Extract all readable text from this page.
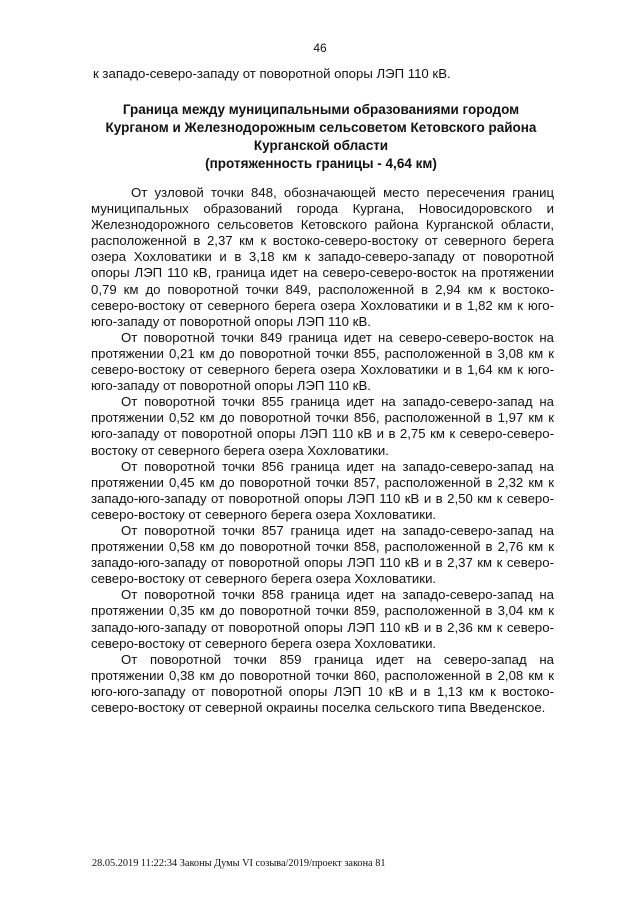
46
к западо-северо-западу от поворотной опоры ЛЭП 110 кВ.
Граница между муниципальными образованиями городом
Курганом и Железнодорожным сельсоветом Кетовского района
Курганской области
(протяженность границы - 4,64 км)

От узловой точки 848, обозначающей место пересечения границ муниципальных образований города Кургана, Новосидоровского и Железнодорожного сельсоветов Кетовского района Курганской области, расположенной в 2,37 км к востоко-северо-востоку от северного берега озера Хохловатики и в 3,18 км к западо-северо-западу от поворотной опоры ЛЭП 110 кВ, граница идет на северо-северо-восток на протяжении 0,79 км до поворотной точки 849, расположенной в 2,94 км к востоко-северо-востоку от северного берега озера Хохловатики и в 1,82 км к юго-юго-западу от поворотной опоры ЛЭП 110 кВ.

От поворотной точки 849 граница идет на северо-северо-восток на протяжении 0,21 км до поворотной точки 855, расположенной в 3,08 км к северо-востоку от северного берега озера Хохловатики и в 1,64 км к юго-юго-западу от поворотной опоры ЛЭП 110 кВ.

От поворотной точки 855 граница идет на западо-северо-запад на протяжении 0,52 км до поворотной точки 856, расположенной в 1,97 км к юго-западу от поворотной опоры ЛЭП 110 кВ и в 2,75 км к северо-северо-востоку от северного берега озера Хохловатики.

От поворотной точки 856 граница идет на западо-северо-запад на протяжении 0,45 км до поворотной точки 857, расположенной в 2,32 км к западо-юго-западу от поворотной опоры ЛЭП 110 кВ и в 2,50 км к северо-северо-востоку от северного берега озера Хохловатики.

От поворотной точки 857 граница идет на западо-северо-запад на протяжении 0,58 км до поворотной точки 858, расположенной в 2,76 км к западо-юго-западу от поворотной опоры ЛЭП 110 кВ и в 2,37 км к северо-северо-востоку от северного берега озера Хохловатики.

От поворотной точки 858 граница идет на западо-северо-запад на протяжении 0,35 км до поворотной точки 859, расположенной в 3,04 км к западо-юго-западу от поворотной опоры ЛЭП 110 кВ и в 2,36 км к северо-северо-востоку от северного берега озера Хохловатики.

От поворотной точки 859 граница идет на северо-запад на протяжении 0,38 км до поворотной точки 860, расположенной в 2,08 км к юго-юго-западу от поворотной опоры ЛЭП 10 кВ и в 1,13 км к востоко-северо-востоку от северной окраины поселка сельского типа Введенское.

28.05.2019 11:22:34 Законы Думы VI созыва/2019/проект закона 81
